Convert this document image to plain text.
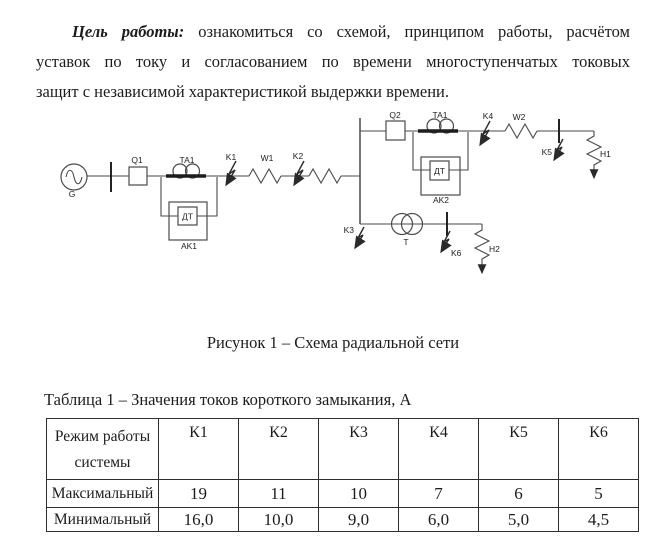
Цель работы: ознакомиться со схемой, принципом работы, расчётом
уставок по току и согласованием по времени многоступенчатых токовых
защит с независимой характеристикой выдержки времени.
G
Q1	TA1
ДТ
AK1
K1	W1 K2
Q2	TA1
ДТ
AK2
K4 W2
K5	H1
K3
T
K6	H2
Рисунок 1 – Схема радиальной сети
Таблица 1 – Значения токов короткого замыкания, А
Режим работы
системы	К1	К2	К3	К4	К5	К6
Максимальный	19	11	10	7	6	5
Минимальный	16,0	10,0	9,0	6,0	5,0	4,5
